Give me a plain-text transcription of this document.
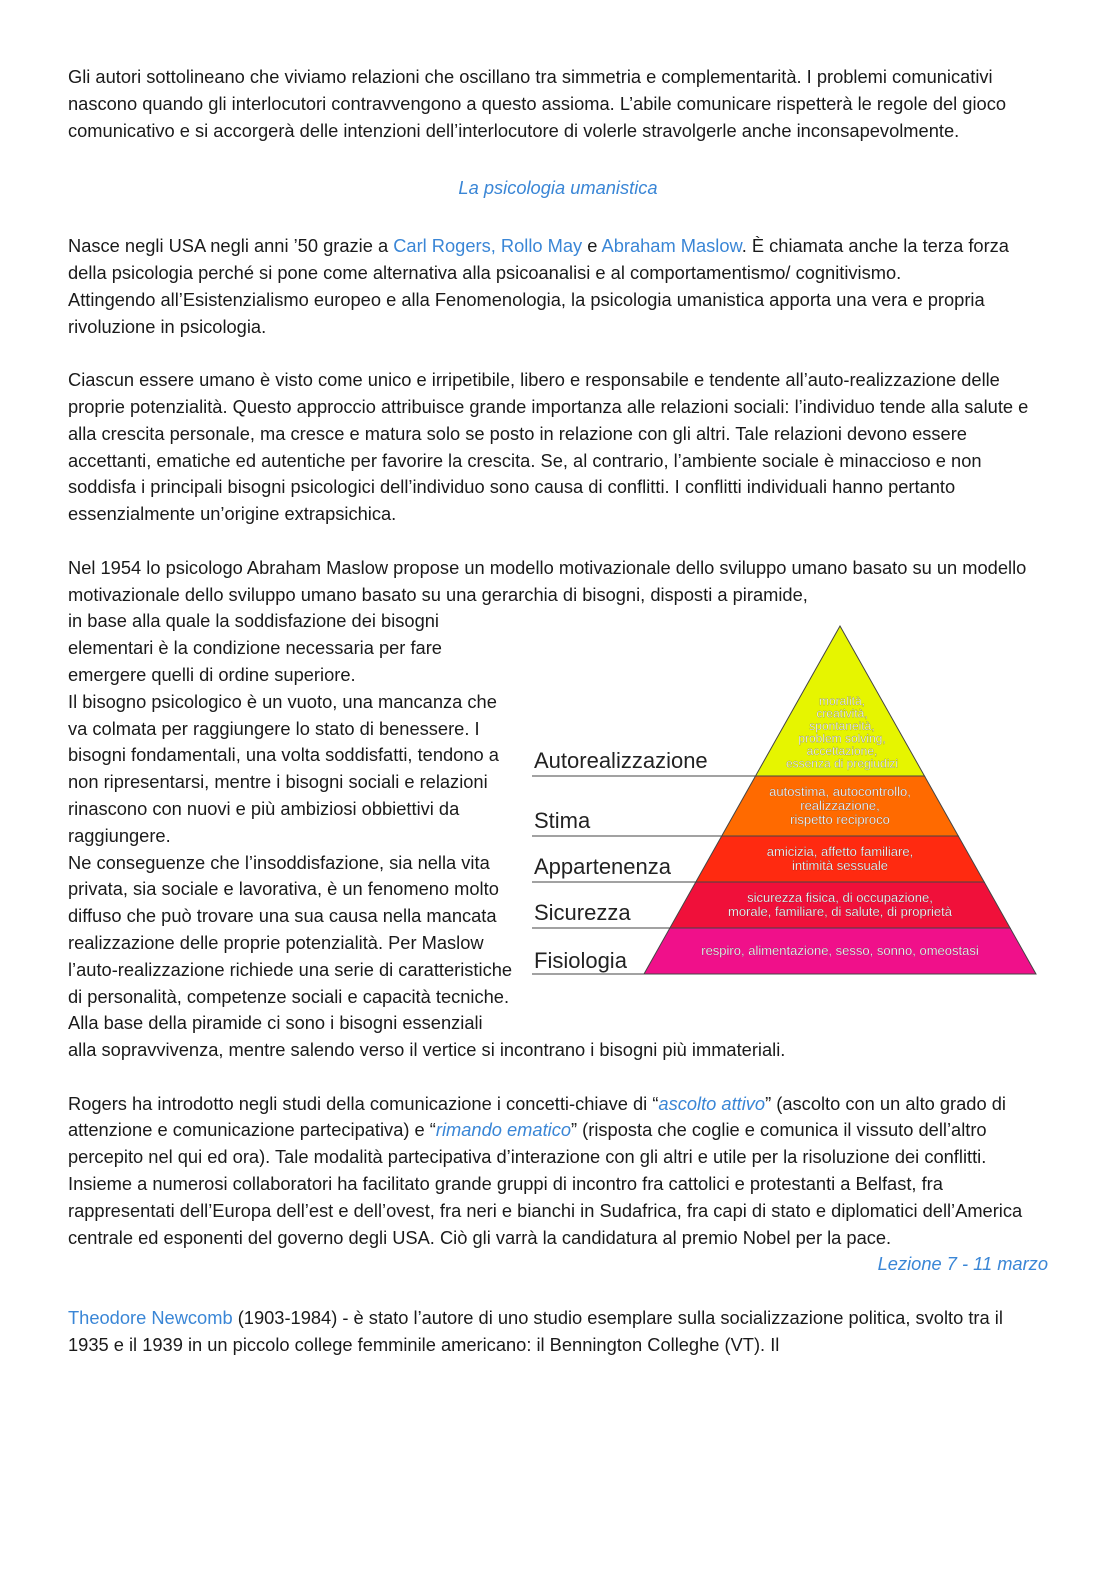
Gli autori sottolineano che viviamo relazioni che oscillano tra simmetria e complementarità. I problemi comunicativi nascono quando gli interlocutori contravvengono a questo assioma. L’abile comunicare rispetterà le regole del gioco comunicativo e si accorgerà delle intenzioni dell’interlocutore di volerle stravolgerle anche inconsapevolmente.

La psicologia umanistica

Nasce negli USA negli anni ’50 grazie a Carl Rogers, Rollo May e Abraham Maslow. È chiamata anche la terza forza della psicologia perché si pone come alternativa alla psicoanalisi e al comportamentismo/ cognitivismo.

Attingendo all’Esistenzialismo europeo e alla Fenomenologia, la psicologia umanistica apporta una vera e propria rivoluzione in psicologia.

Ciascun essere umano è visto come unico e irripetibile, libero e responsabile e tendente all’auto-realizzazione delle proprie potenzialità. Questo approccio attribuisce grande importanza alle relazioni sociali: l’individuo tende alla salute e alla crescita personale, ma cresce e matura solo se posto in relazione con gli altri. Tale relazioni devono essere accettanti, ematiche ed autentiche per favorire la crescita. Se, al contrario, l’ambiente sociale è minaccioso e non soddisfa i principali bisogni psicologici dell’individuo sono causa di conflitti. I conflitti individuali hanno pertanto essenzialmente un’origine extrapsichica.

Nel 1954 lo psicologo Abraham Maslow propose un modello motivazionale dello sviluppo umano basato su un modello motivazionale dello sviluppo umano basato su una gerarchia di bisogni, disposti a piramide,

Autorealizzazione
moralità,
creatività,
spontaneità,
problem solving,
accettazione,
essenza di pregiudizi
Stima
autostima, autocontrollo,
realizzazione,
rispetto reciproco
Appartenenza
amicizia, affetto familiare,
intimità sessuale
Sicurezza
sicurezza fisica, di occupazione,
morale, familiare, di salute, di proprietà
Fisiologia	respiro, alimentazione, sesso, sonno, omeostasi

in base alla quale la soddisfazione dei bisogni elementari è la condizione necessaria per fare emergere quelli di ordine superiore.

Il bisogno psicologico è un vuoto, una mancanza che va colmata per raggiungere lo stato di benessere. I bisogni fondamentali, una volta soddisfatti, tendono a non ripresentarsi, mentre i bisogni sociali e relazioni rinascono con nuovi e più ambiziosi obbiettivi da raggiungere.

Ne conseguenze che l’insoddisfazione, sia nella vita privata, sia sociale e lavorativa, è un fenomeno molto diffuso che può trovare una sua causa nella mancata realizzazione delle proprie potenzialità. Per Maslow l’auto-realizzazione richiede una serie di caratteristiche di personalità, competenze sociali e capacità tecniche. Alla base della piramide ci sono i bisogni essenziali alla sopravvivenza, mentre salendo verso il vertice si incontrano i bisogni più immateriali.

Rogers ha introdotto negli studi della comunicazione i concetti-chiave di “ascolto attivo” (ascolto con un alto grado di attenzione e comunicazione partecipativa) e “rimando ematico” (risposta che coglie e comunica il vissuto dell’altro percepito nel qui ed ora). Tale modalità partecipativa d’interazione con gli altri e utile per la risoluzione dei conflitti.

Insieme a numerosi collaboratori ha facilitato grande gruppi di incontro fra cattolici e protestanti a Belfast, fra rappresentati dell’Europa dell’est e dell’ovest, fra neri e bianchi in Sudafrica, fra capi di stato e diplomatici dell’America centrale ed esponenti del governo degli USA. Ciò gli varrà la candidatura al premio Nobel per la pace.

Lezione 7 - 11 marzo

Theodore Newcomb (1903-1984) - è stato l’autore di uno studio esemplare sulla socializzazione politica, svolto tra il 1935 e il 1939 in un piccolo college femminile americano: il Bennington Colleghe (VT). Il
